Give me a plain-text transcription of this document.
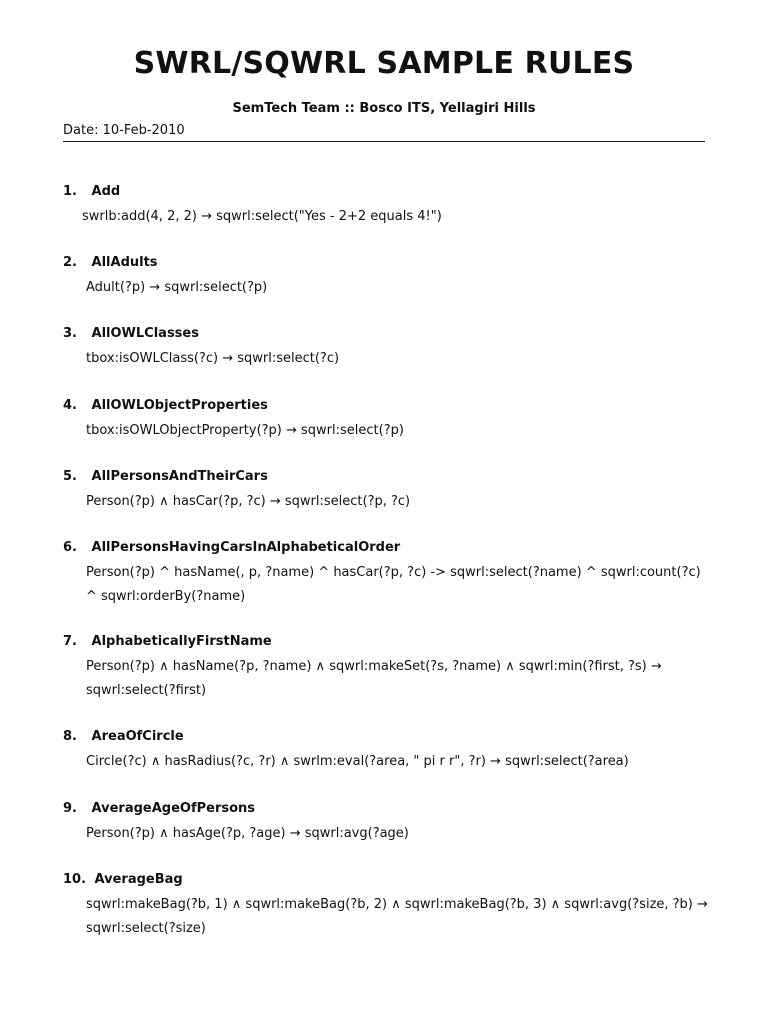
SWRL/SQWRL SAMPLE RULES
SemTech Team :: Bosco ITS, Yellagiri Hills
Date: 10-Feb-2010
1. Add
swrlb:add(4, 2, 2) → sqwrl:select("Yes - 2+2 equals 4!")
2. AllAdults
Adult(?p) → sqwrl:select(?p)
3. AllOWLClasses
tbox:isOWLClass(?c) → sqwrl:select(?c)
4. AllOWLObjectProperties
tbox:isOWLObjectProperty(?p) → sqwrl:select(?p)
5. AllPersonsAndTheirCars
Person(?p) ∧ hasCar(?p, ?c) → sqwrl:select(?p, ?c)
6. AllPersonsHavingCarsInAlphabeticalOrder
Person(?p) ^ hasName(, p, ?name) ^ hasCar(?p, ?c) -> sqwrl:select(?name) ^ sqwrl:count(?c) ^ sqwrl:orderBy(?name)
7. AlphabeticallyFirstName
Person(?p) ∧ hasName(?p, ?name) ∧ sqwrl:makeSet(?s, ?name) ∧ sqwrl:min(?first, ?s) → sqwrl:select(?first)
8. AreaOfCircle
Circle(?c) ∧ hasRadius(?c, ?r) ∧ swrlm:eval(?area, " pi r r", ?r) → sqwrl:select(?area)
9. AverageAgeOfPersons
Person(?p) ∧ hasAge(?p, ?age) → sqwrl:avg(?age)
10. AverageBag
sqwrl:makeBag(?b, 1) ∧ sqwrl:makeBag(?b, 2) ∧ sqwrl:makeBag(?b, 3) ∧ sqwrl:avg(?size, ?b) → sqwrl:select(?size)
